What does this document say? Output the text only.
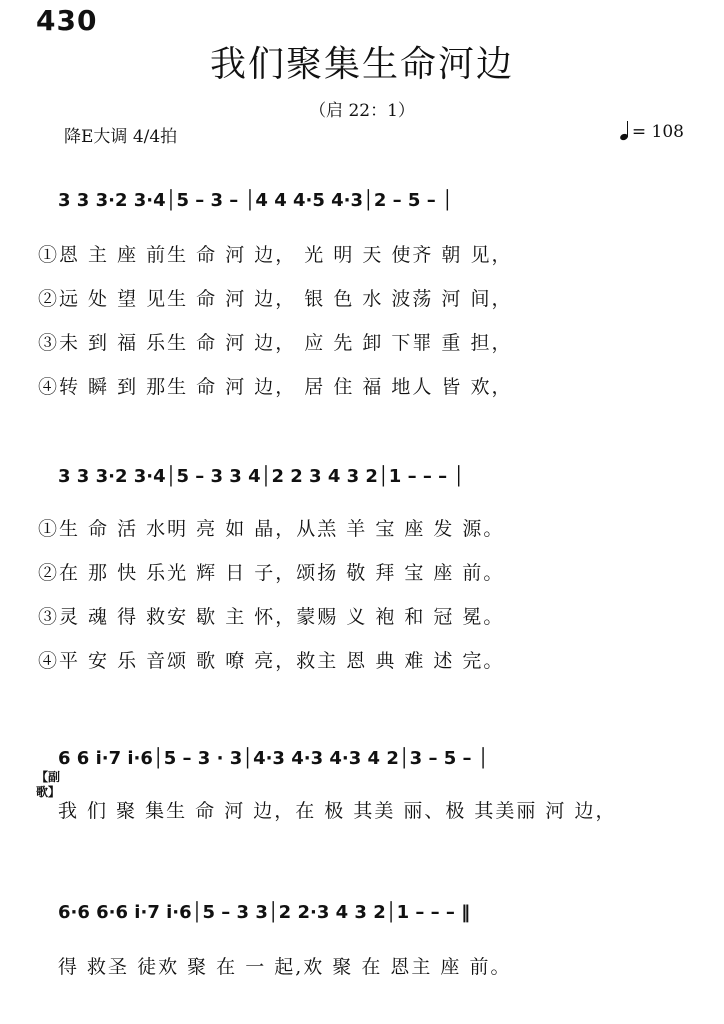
430
我们聚集生命河边
（启 22：1）
降E大调 4/4拍	= 108
3 3 3·2 3·4│5 – 3 – │4 4 4·5 4·3│2 – 5 – │
①恩 主 座 前生 命 河 边， 光 明 天 使齐 朝 见，
②远 处 望 见生 命 河 边， 银 色 水 波荡 河 间，
③未 到 福 乐生 命 河 边， 应 先 卸 下罪 重 担，
④转 瞬 到 那生 命 河 边， 居 住 福 地人 皆 欢，
3 3 3·2 3·4│5 – 3 3 4│2 2 3 4 3 2│1 – – – │
①生 命 活 水明 亮 如 晶，从羔 羊 宝 座 发 源。
②在 那 快 乐光 辉 日 子，颂扬 敬 拜 宝 座 前。
③灵 魂 得 救安 歇 主 怀，蒙赐 义 袍 和 冠 冕。
④平 安 乐 音颂 歌 嘹 亮，救主 恩 典 难 述 完。
6 6 i·7 i·6│5 – 3 · 3│4·3 4·3 4·3 4 2│3 – 5 – │
【副歌】
我 们 聚 集生 命 河 边，在 极 其美 丽、极 其美丽 河 边，
6·6 6·6 i·7 i·6│5 – 3 3│2 2·3 4 3 2│1 – – – ‖
得 救圣 徒欢 聚 在 一 起,欢 聚 在 恩主 座 前。
